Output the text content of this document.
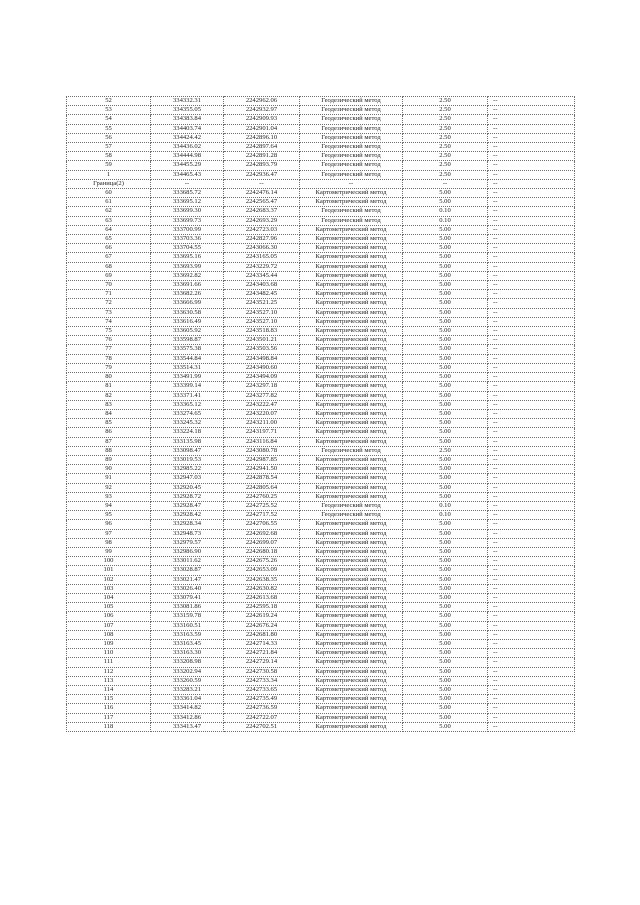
52	334332.31	2242962.06	Геодезический метод	2.50	--
53	334355.05	2242932.97	Геодезический метод	2.50	--
54	334383.84	2242909.93	Геодезический метод	2.50	--
55	334403.74	2242901.04	Геодезический метод	2.50	--
56	334424.42	2242896.10	Геодезический метод	2.50	--
57	334436.02	2242897.64	Геодезический метод	2.50	--
58	334444.98	2242891.28	Геодезический метод	2.50	--
59	334455.29	2242893.79	Геодезический метод	2.50	--
1	334465.43	2242936.47	Геодезический метод	2.50	--
Граница(2)	--	--	--	--	--
60	333685.72	2242476.14	Картометрический метод	5.00	--
61	333695.12	2242565.47	Картометрический метод	5.00	--
62	333699.30	2242683.37	Геодезический метод	0.10	--
63	333699.73	2242693.29	Геодезический метод	0.10	--
64	333700.99	2242723.03	Картометрический метод	5.00	--
65	333703.36	2242827.96	Картометрический метод	5.00	--
66	333704.55	2243066.30	Картометрический метод	5.00	--
67	333695.16	2243165.05	Картометрический метод	5.00	--
68	333693.99	2243229.72	Картометрический метод	5.00	--
69	333692.82	2243345.44	Картометрический метод	5.00	--
70	333691.66	2243403.68	Картометрический метод	5.00	--
71	333682.26	2243482.45	Картометрический метод	5.00	--
72	333666.99	2243521.25	Картометрический метод	5.00	--
73	333630.58	2243527.10	Картометрический метод	5.00	--
74	333616.49	2243527.10	Картометрический метод	5.00	--
75	333605.92	2243518.83	Картометрический метод	5.00	--
76	333598.87	2243501.21	Картометрический метод	5.00	--
77	333575.38	2243503.56	Картометрический метод	5.00	--
78	333544.84	2243498.84	Картометрический метод	5.00	--
79	333514.31	2243490.60	Картометрический метод	5.00	--
80	333491.99	2243494.09	Картометрический метод	5.00	--
81	333399.14	2243297.18	Картометрический метод	5.00	--
82	333371.41	2243277.82	Картометрический метод	5.00	--
83	333365.12	2243222.47	Картометрический метод	5.00	--
84	333274.65	2243220.07	Картометрический метод	5.00	--
85	333245.32	2243211.00	Картометрический метод	5.00	--
86	333224.18	2243197.71	Картометрический метод	5.00	--
87	333135.98	2243116.84	Картометрический метод	5.00	--
88	333098.47	2243080.78	Геодезический метод	2.50	--
89	333019.53	2242987.85	Картометрический метод	5.00	--
90	332985.22	2242941.50	Картометрический метод	5.00	--
91	332947.03	2242878.54	Картометрический метод	5.00	--
92	332920.45	2242805.64	Картометрический метод	5.00	--
93	332928.72	2242760.25	Картометрический метод	5.00	--
94	332928.47	2242725.52	Геодезический метод	0.10	--
95	332928.42	2242717.52	Геодезический метод	0.10	--
96	332928.34	2242706.55	Картометрический метод	5.00	--
97	332948.73	2242692.68	Картометрический метод	5.00	--
98	332979.57	2242699.07	Картометрический метод	5.00	--
99	332986.90	2242680.18	Картометрический метод	5.00	--
100	333011.62	2242675.26	Картометрический метод	5.00	--
101	333028.87	2242653.09	Картометрический метод	5.00	--
102	333021.47	2242638.35	Картометрический метод	5.00	--
103	333026.40	2242630.82	Картометрический метод	5.00	--
104	333079.41	2242613.68	Картометрический метод	5.00	--
105	333081.86	2242595.18	Картометрический метод	5.00	--
106	333159.78	2242619.24	Картометрический метод	5.00	--
107	333160.51	2242676.24	Картометрический метод	5.00	--
108	333163.59	2242681.80	Картометрический метод	5.00	--
109	333163.45	2242714.33	Картометрический метод	5.00	--
110	333163.30	2242721.84	Картометрический метод	5.00	--
111	333208.98	2242729.14	Картометрический метод	5.00	--
112	333202.94	2242730.58	Картометрический метод	5.00	--
113	333260.59	2242733.34	Картометрический метод	5.00	--
114	333283.21	2242733.65	Картометрический метод	5.00	--
115	333361.04	2242735.49	Картометрический метод	5.00	--
116	333414.82	2242736.59	Картометрический метод	5.00	--
117	333412.86	2242722.07	Картометрический метод	5.00	--
118	333413.47	2242702.51	Картометрический метод	5.00	--
